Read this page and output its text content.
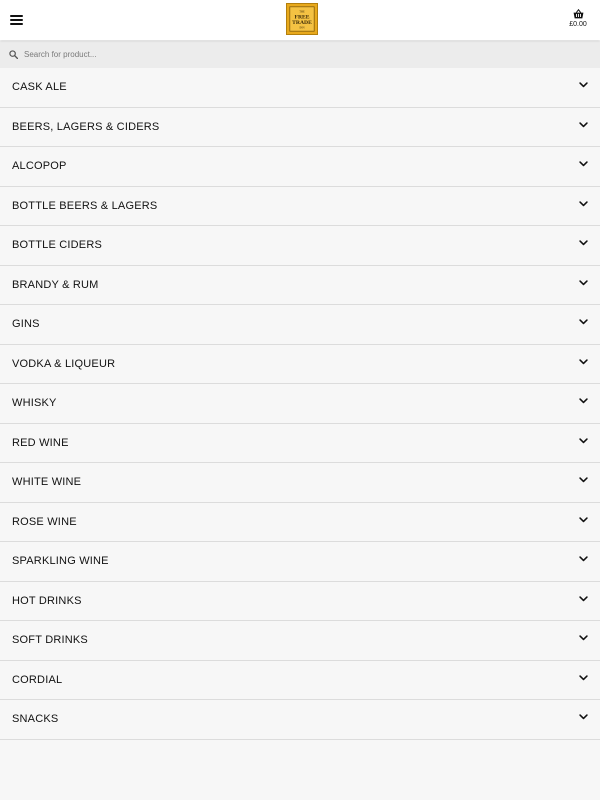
THE
FREE
TRADE
INN	£0.00
Search for product...
CASK ALE
BEERS, LAGERS & CIDERS
ALCOPOP
BOTTLE BEERS & LAGERS
BOTTLE CIDERS
BRANDY & RUM
GINS
VODKA & LIQUEUR
WHISKY
RED WINE
WHITE WINE
ROSE WINE
SPARKLING WINE
HOT DRINKS
SOFT DRINKS
CORDIAL
SNACKS
